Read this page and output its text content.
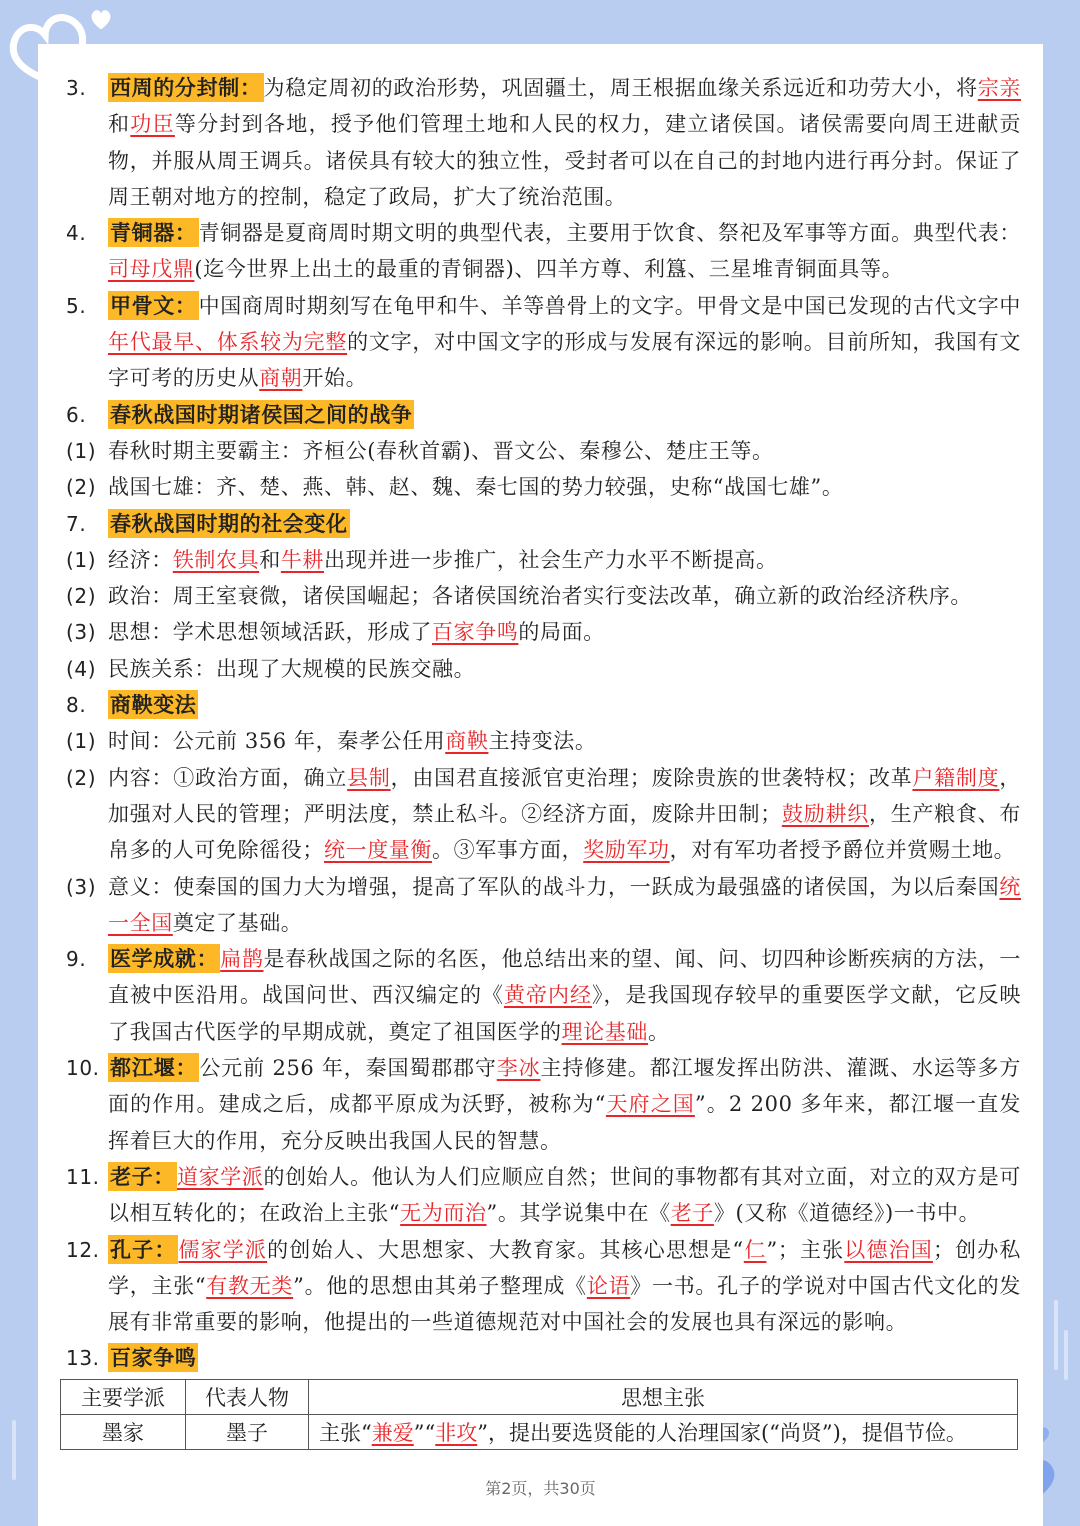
3. 西周的分封制：为稳定周初的政治形势，巩固疆土，周王根据血缘关系远近和功劳大小，将宗亲和功臣等分封到各地，授予他们管理土地和人民的权力，建立诸侯国。诸侯需要向周王进献贡物，并服从周王调兵。诸侯具有较大的独立性，受封者可以在自己的封地内进行再分封。保证了周王朝对地方的控制，稳定了政局，扩大了统治范围。
4. 青铜器：青铜器是夏商周时期文明的典型代表，主要用于饮食、祭祀及军事等方面。典型代表：司母戊鼎(迄今世界上出土的最重的青铜器)、四羊方尊、利簋、三星堆青铜面具等。
5. 甲骨文：中国商周时期刻写在龟甲和牛、羊等兽骨上的文字。甲骨文是中国已发现的古代文字中年代最早、体系较为完整的文字，对中国文字的形成与发展有深远的影响。目前所知，我国有文字可考的历史从商朝开始。
6. 春秋战国时期诸侯国之间的战争
(1) 春秋时期主要霸主：齐桓公(春秋首霸)、晋文公、秦穆公、楚庄王等。
(2) 战国七雄：齐、楚、燕、韩、赵、魏、秦七国的势力较强，史称“战国七雄”。
7. 春秋战国时期的社会变化
(1) 经济：铁制农具和牛耕出现并进一步推广，社会生产力水平不断提高。
(2) 政治：周王室衰微，诸侯国崛起；各诸侯国统治者实行变法改革，确立新的政治经济秩序。
(3) 思想：学术思想领域活跃，形成了百家争鸣的局面。
(4) 民族关系：出现了大规模的民族交融。
8. 商鞅变法
(1) 时间：公元前 356 年，秦孝公任用商鞅主持变法。
(2) 内容：①政治方面，确立县制，由国君直接派官吏治理；废除贵族的世袭特权；改革户籍制度，加强对人民的管理；严明法度，禁止私斗。②经济方面，废除井田制；鼓励耕织，生产粮食、布帛多的人可免除徭役；统一度量衡。③军事方面，奖励军功，对有军功者授予爵位并赏赐土地。
(3) 意义：使秦国的国力大为增强，提高了军队的战斗力，一跃成为最强盛的诸侯国，为以后秦国统一全国奠定了基础。
9. 医学成就：扁鹊是春秋战国之际的名医，他总结出来的望、闻、问、切四种诊断疾病的方法，一直被中医沿用。战国问世、西汉编定的《黄帝内经》，是我国现存较早的重要医学文献，它反映了我国古代医学的早期成就，奠定了祖国医学的理论基础。
10. 都江堰：公元前 256 年，秦国蜀郡郡守李冰主持修建。都江堰发挥出防洪、灌溉、水运等多方面的作用。建成之后，成都平原成为沃野，被称为“天府之国”。2 200 多年来，都江堰一直发挥着巨大的作用，充分反映出我国人民的智慧。
11. 老子：道家学派的创始人。他认为人们应顺应自然；世间的事物都有其对立面，对立的双方是可以相互转化的；在政治上主张“无为而治”。其学说集中在《老子》(又称《道德经》)一书中。
12. 孔子：儒家学派的创始人、大思想家、大教育家。其核心思想是“仁”；主张以德治国；创办私学，主张“有教无类”。他的思想由其弟子整理成《论语》一书。孔子的学说对中国古代文化的发展有非常重要的影响，他提出的一些道德规范对中国社会的发展也具有深远的影响。
13. 百家争鸣
主要学派	代表人物	思想主张
墨家	墨子	主张“兼爱”“非攻”，提出要选贤能的人治理国家(“尚贤”)，提倡节俭。
第2页，共30页
